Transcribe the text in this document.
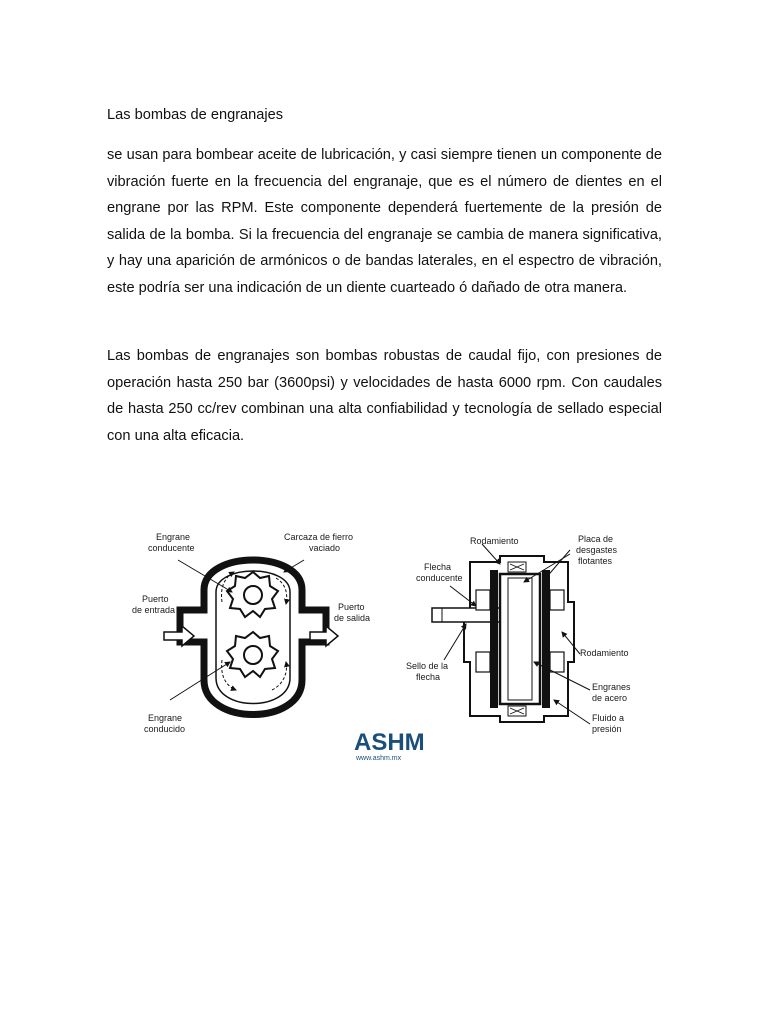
Las bombas de engranajes

se usan para bombear aceite de lubricación, y casi siempre tienen un componente de vibración fuerte en la frecuencia del engranaje, que es el número de dientes en el engrane por las RPM. Este componente dependerá fuertemente de la presión de salida de la bomba. Si la frecuencia del engranaje se cambia de manera significativa, y hay una aparición de armónicos o de bandas laterales, en el espectro de vibración, este podría ser una indicación de un diente cuarteado ó dañado de otra manera.

Las bombas de engranajes son bombas robustas de caudal fijo, con presiones de operación hasta 250 bar (3600psi) y velocidades de hasta 6000 rpm. Con caudales de hasta 250 cc/rev combinan una alta confiabilidad y tecnología de sellado especial con una alta eficacia.

Engrane
conducente
Carcaza de fierro
vaciado
Puerto
de entrada	Puerto
de salida
Engrane
conducido
Rodamiento	Placa de
desgastes
flotantes
Flecha
conducente
Sello de la
flecha
Rodamiento
Engranes
de acero
Fluido a
presión
ASHM
www.ashm.mx
